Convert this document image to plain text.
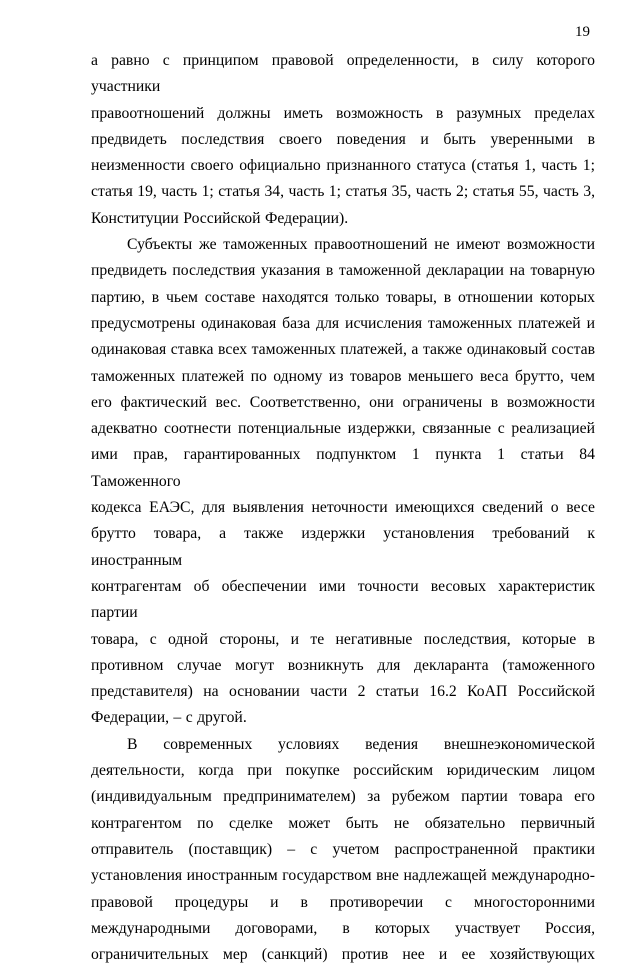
19

а равно с принципом правовой определенности, в силу которого участники

правоотношений должны иметь возможность в разумных пределах

предвидеть последствия своего поведения и быть уверенными в

неизменности своего официально признанного статуса (статья 1, часть 1;

статья 19, часть 1; статья 34, часть 1; статья 35, часть 2; статья 55, часть 3,

Конституции Российской Федерации).

Субъекты же таможенных правоотношений не имеют возможности

предвидеть последствия указания в таможенной декларации на товарную

партию, в чьем составе находятся только товары, в отношении которых

предусмотрены одинаковая база для исчисления таможенных платежей и

одинаковая ставка всех таможенных платежей, а также одинаковый состав

таможенных платежей по одному из товаров меньшего веса брутто, чем

его фактический вес. Соответственно, они ограничены в возможности

адекватно соотнести потенциальные издержки, связанные с реализацией

ими прав, гарантированных подпунктом 1 пункта 1 статьи 84 Таможенного

кодекса ЕАЭС, для выявления неточности имеющихся сведений о весе

брутто товара, а также издержки установления требований к иностранным

контрагентам об обеспечении ими точности весовых характеристик партии

товара, с одной стороны, и те негативные последствия, которые в

противном случае могут возникнуть для декларанта (таможенного

представителя) на основании части 2 статьи 16.2 КоАП Российской

Федерации, – с другой.

В современных условиях ведения внешнеэкономической

деятельности, когда при покупке российским юридическим лицом

(индивидуальным предпринимателем) за рубежом партии товара его

контрагентом по сделке может быть не обязательно первичный

отправитель (поставщик) – с учетом распространенной практики

установления иностранным государством вне надлежащей международно-

правовой процедуры и в противоречии с многосторонними

международными договорами, в которых участвует Россия,

ограничительных мер (санкций) против нее и ее хозяйствующих
